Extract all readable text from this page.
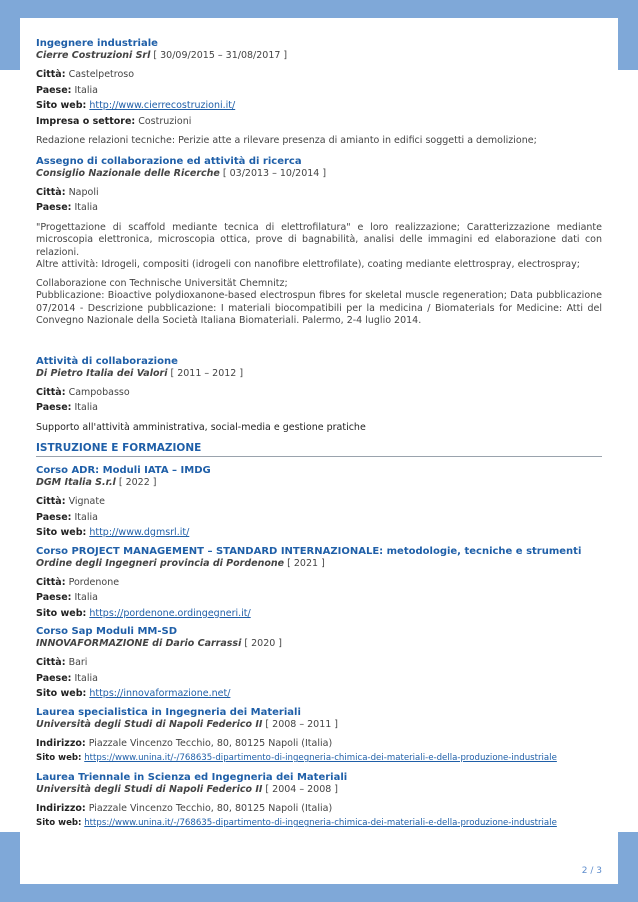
Ingegnere industriale

Cierre Costruzioni Srl [ 30/09/2015 – 31/08/2017 ]

Città: Castelpetroso
Paese: Italia
Sito web: http://www.cierrecostruzioni.it/
Impresa o settore: Costruzioni

Redazione relazioni tecniche: Perizie atte a rilevare presenza di amianto in edifici soggetti a demolizione;

Assegno di collaborazione ed attività di ricerca

Consiglio Nazionale delle Ricerche [ 03/2013 – 10/2014 ]

Città: Napoli
Paese: Italia

"Progettazione di scaffold mediante tecnica di elettrofilatura" e loro realizzazione; Caratterizzazione mediante microscopia elettronica, microscopia ottica, prove di bagnabilità, analisi delle immagini ed elaborazione dati con relazioni.

Altre attività: Idrogeli, compositi (idrogeli con nanofibre elettrofilate), coating mediante elettrospray, electrospray;

Collaborazione con Technische Universität Chemnitz;

Pubblicazione: Bioactive polydioxanone-based electrospun fibres for skeletal muscle regeneration; Data pubblicazione 07/2014 - Descrizione pubblicazione: I materiali biocompatibili per la medicina / Biomaterials for Medicine: Atti del Convegno Nazionale della Società Italiana Biomateriali. Palermo, 2-4 luglio 2014.

Attività di collaborazione

Di Pietro Italia dei Valori [ 2011 – 2012 ]

Città: Campobasso
Paese: Italia

Supporto all'attività amministrativa, social-media e gestione pratiche

ISTRUZIONE E FORMAZIONE

Corso ADR: Moduli IATA – IMDG

DGM Italia S.r.l [ 2022 ]

Città: Vignate
Paese: Italia
Sito web: http://www.dgmsrl.it/

Corso PROJECT MANAGEMENT – STANDARD INTERNAZIONALE: metodologie, tecniche e strumenti

Ordine degli Ingegneri provincia di Pordenone [ 2021 ]

Città: Pordenone
Paese: Italia
Sito web: https://pordenone.ordingegneri.it/

Corso Sap Moduli MM-SD

INNOVAFORMAZIONE di Dario Carrassi [ 2020 ]

Città: Bari
Paese: Italia
Sito web: https://innovaformazione.net/

Laurea specialistica in Ingegneria dei Materiali

Università degli Studi di Napoli Federico II [ 2008 – 2011 ]

Indirizzo: Piazzale Vincenzo Tecchio, 80, 80125 Napoli (Italia)
Sito web: https://www.unina.it/-/768635-dipartimento-di-ingegneria-chimica-dei-materiali-e-della-produzione-industriale

Laurea Triennale in Scienza ed Ingegneria dei Materiali

Università degli Studi di Napoli Federico II [ 2004 – 2008 ]

Indirizzo: Piazzale Vincenzo Tecchio, 80, 80125 Napoli (Italia)
Sito web: https://www.unina.it/-/768635-dipartimento-di-ingegneria-chimica-dei-materiali-e-della-produzione-industriale
2 / 3
